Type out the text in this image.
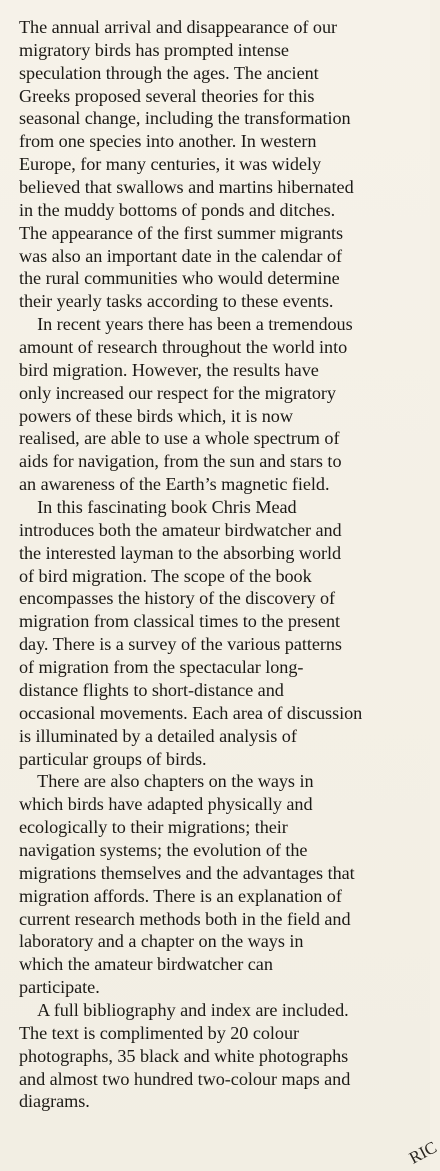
The annual arrival and disappearance of our
migratory birds has prompted intense
speculation through the ages. The ancient
Greeks proposed several theories for this
seasonal change, including the transformation
from one species into another. In western
Europe, for many centuries, it was widely
believed that swallows and martins hibernated
in the muddy bottoms of ponds and ditches.
The appearance of the first summer migrants
was also an important date in the calendar of
the rural communities who would determine
their yearly tasks according to these events.

 In recent years there has been a tremendous
amount of research throughout the world into
bird migration. However, the results have
only increased our respect for the migratory
powers of these birds which, it is now
realised, are able to use a whole spectrum of
aids for navigation, from the sun and stars to
an awareness of the Earth’s magnetic field.

 In this fascinating book Chris Mead
introduces both the amateur birdwatcher and
the interested layman to the absorbing world
of bird migration. The scope of the book
encompasses the history of the discovery of
migration from classical times to the present
day. There is a survey of the various patterns
of migration from the spectacular long-
distance flights to short-distance and
occasional movements. Each area of discussion
is illuminated by a detailed analysis of
particular groups of birds.

 There are also chapters on the ways in
which birds have adapted physically and
ecologically to their migrations; their
navigation systems; the evolution of the
migrations themselves and the advantages that
migration affords. There is an explanation of
current research methods both in the field and
laboratory and a chapter on the ways in
which the amateur birdwatcher can
participate.

 A full bibliography and index are included.
The text is complimented by 20 colour
photographs, 35 black and white photographs
and almost two hundred two-colour maps and
diagrams.

RIC
